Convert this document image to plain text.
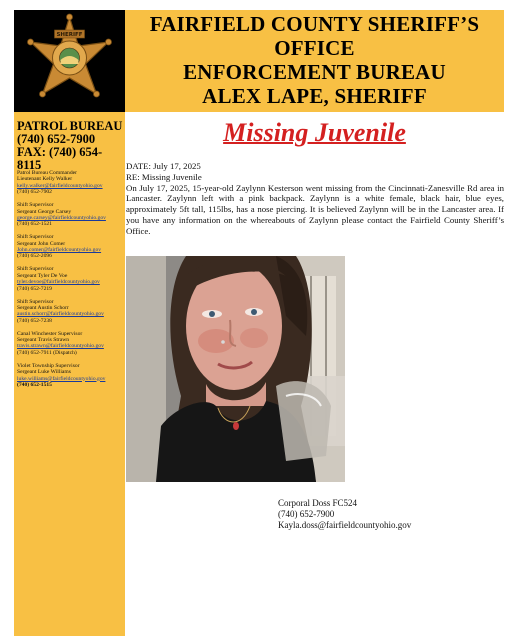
SHERIFF	FAIRFIELD COUNTY SHERIFF’S
OFFICE
ENFORCEMENT BUREAU
ALEX LAPE, SHERIFF
PATROL BUREAU
(740) 652-7900
FAX: (740) 654-8115
Patrol Bureau Commander
Lieutenant Kelly Walker
kelly.walker@fairfieldcountyohio.gov
(740) 652-7902
Shift Supervisor
Sergeant George Carsey
george.carsey@fairfieldcountyohio.gov
(740) 652-1521
Shift Supervisor
Sergeant John Comer
John.comer@fairfieldcountyohio.gov
(740) 652-2096
Shift Supervisor
Sergeant Tyler De Voe
tyler.devoe@fairfieldcountyohio.gov
(740) 652-7219
Shift Supervisor
Sergeant Austin Schorr
austin.schorr@fairfieldcountyohio.gov
(740) 652-7238
Canal Winchester Supervisor
Sergeant Travis Strawn
travis.strawn@fairfieldcountyohio.gov
(740) 652-7911 (Dispatch)
Violet Township Supervisor
Sergeant Luke Williams
luke.williams@fairfieldcountyohio.gov
(740) 652-1515
Missing Juvenile
DATE: July 17, 2025
RE: Missing Juvenile
On July 17, 2025, 15-year-old Zaylynn Kesterson went missing from the Cincinnati-Zanesville Rd area in Lancaster. Zaylynn left with a pink backpack. Zaylynn is a white female, black hair, blue eyes, approximately 5ft tall, 115lbs, has a nose piercing. It is believed Zaylynn will be in the Lancaster area. If you have any information on the whereabouts of Zaylynn please contact the Fairfield County Sheriff’s Office.
Corporal Doss FC524
(740) 652-7900
Kayla.doss@fairfieldcountyohio.gov
